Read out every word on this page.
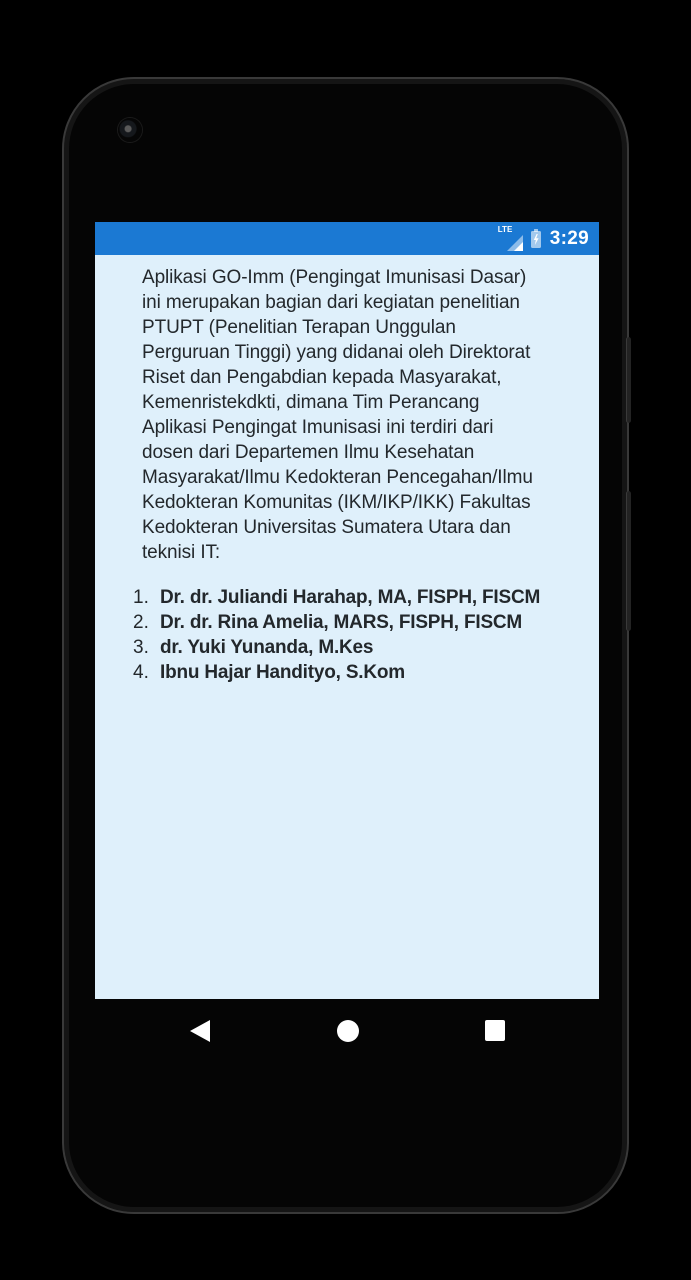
LTE 3:29
Aplikasi GO-Imm (Pengingat Imunisasi Dasar)
ini merupakan bagian dari kegiatan penelitian
PTUPT (Penelitian Terapan Unggulan
Perguruan Tinggi) yang didanai oleh Direktorat
Riset dan Pengabdian kepada Masyarakat,
Kemenristekdkti, dimana Tim Perancang
Aplikasi Pengingat Imunisasi ini terdiri dari
dosen dari Departemen Ilmu Kesehatan
Masyarakat/Ilmu Kedokteran Pencegahan/Ilmu
Kedokteran Komunitas (IKM/IKP/IKK) Fakultas
Kedokteran Universitas Sumatera Utara dan
teknisi IT:
1. Dr. dr. Juliandi Harahap, MA, FISPH, FISCM
2. Dr. dr. Rina Amelia, MARS, FISPH, FISCM
3. dr. Yuki Yunanda, M.Kes
4. Ibnu Hajar Handityo, S.Kom
